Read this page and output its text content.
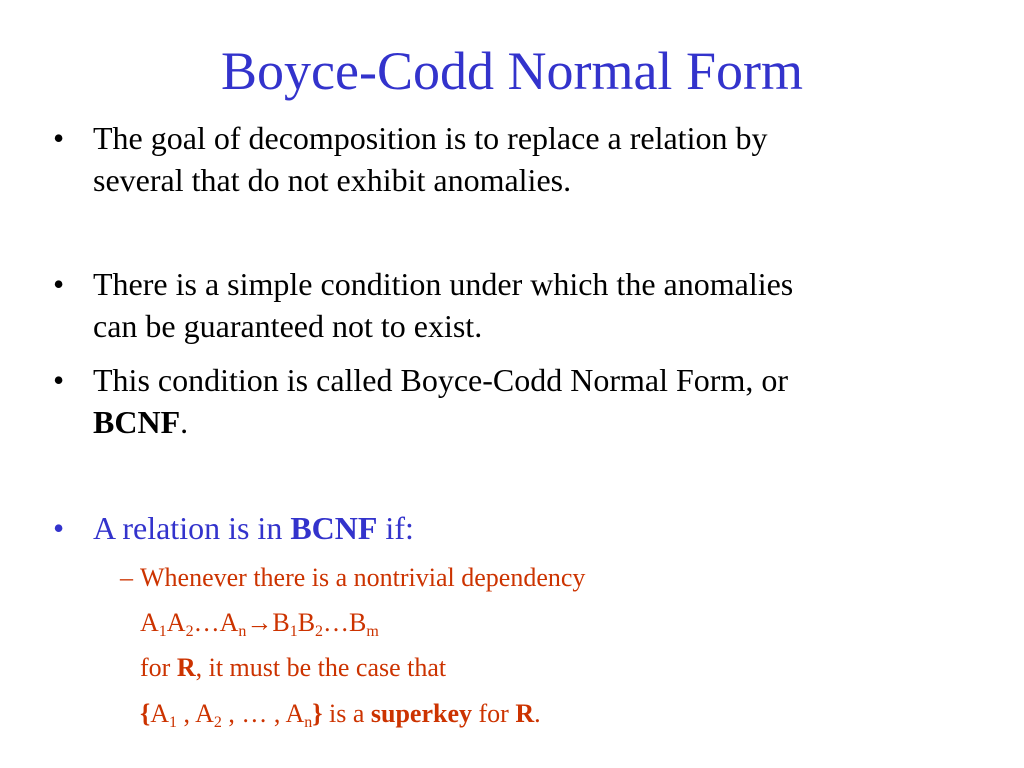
Boyce-Codd Normal Form
• The goal of decomposition is to replace a relation by
several that do not exhibit anomalies.
• There is a simple condition under which the anomalies
can be guaranteed not to exist.
• This condition is called Boyce-Codd Normal Form, or
BCNF.
• A relation is in BCNF if:
– Whenever there is a nontrivial dependency
$A_1A_2\dots A_n\to B_1B_2\dots B_m$
for R, it must be the case that
{$A_1$ , $A_2$ , … , $A_n$} is a superkey for R.
